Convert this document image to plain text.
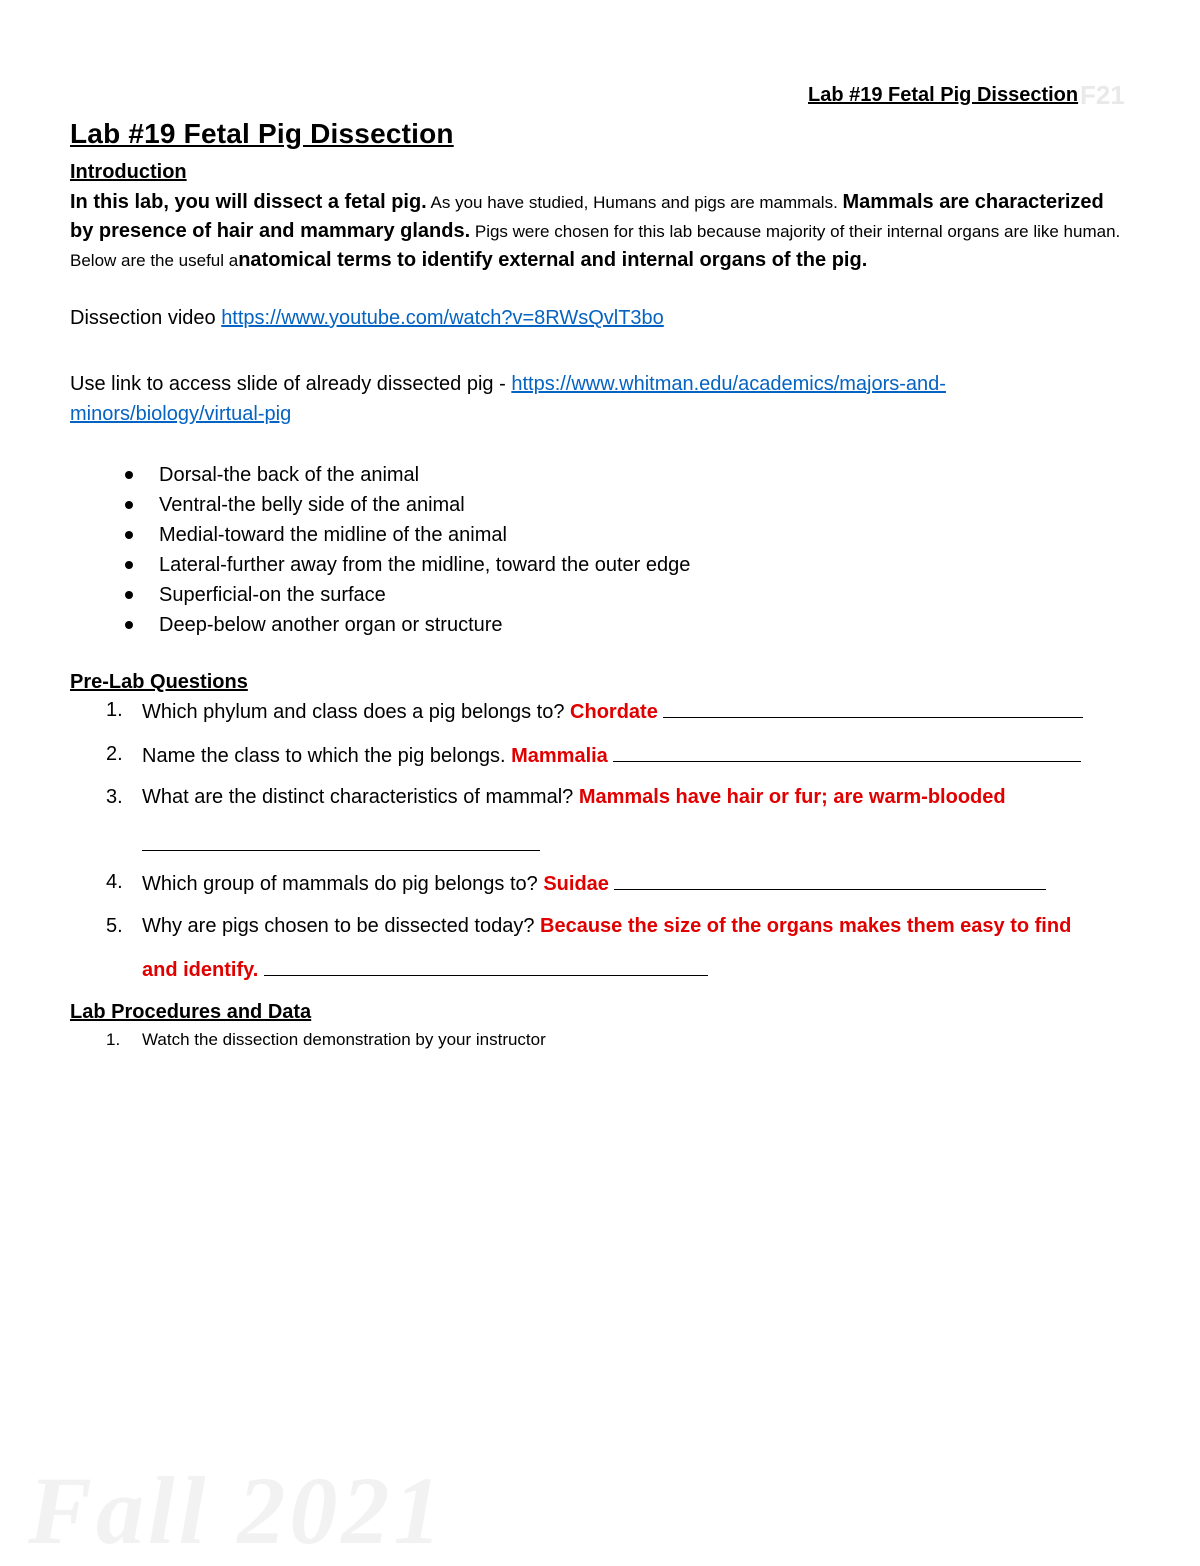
Lab #19 Fetal Pig Dissection F21
Lab #19 Fetal Pig Dissection
Introduction
In this lab, you will dissect a fetal pig. As you have studied, Humans and pigs are mammals. Mammals are characterized by presence of hair and mammary glands. Pigs were chosen for this lab because majority of their internal organs are like human. Below are the useful anatomical terms to identify external and internal organs of the pig.
Dissection video https://www.youtube.com/watch?v=8RWsQvlT3bo
Use link to access slide of already dissected pig - https://www.whitman.edu/academics/majors-and-
minors/biology/virtual-pig
Dorsal-the back of the animal
Ventral-the belly side of the animal
Medial-toward the midline of the animal
Lateral-further away from the midline, toward the outer edge
Superficial-on the surface
Deep-below another organ or structure
Pre-Lab Questions
1. Which phylum and class does a pig belongs to? Chordate
2. Name the class to which the pig belongs. Mammalia
3. What are the distinct characteristics of mammal? Mammals have hair or fur; are warm-blooded
4. Which group of mammals do pig belongs to? Suidae
5. Why are pigs chosen to be dissected today? Because the size of the organs makes them easy to find
and identify.
Lab Procedures and Data
1. Watch the dissection demonstration by your instructor
Fall 2021
